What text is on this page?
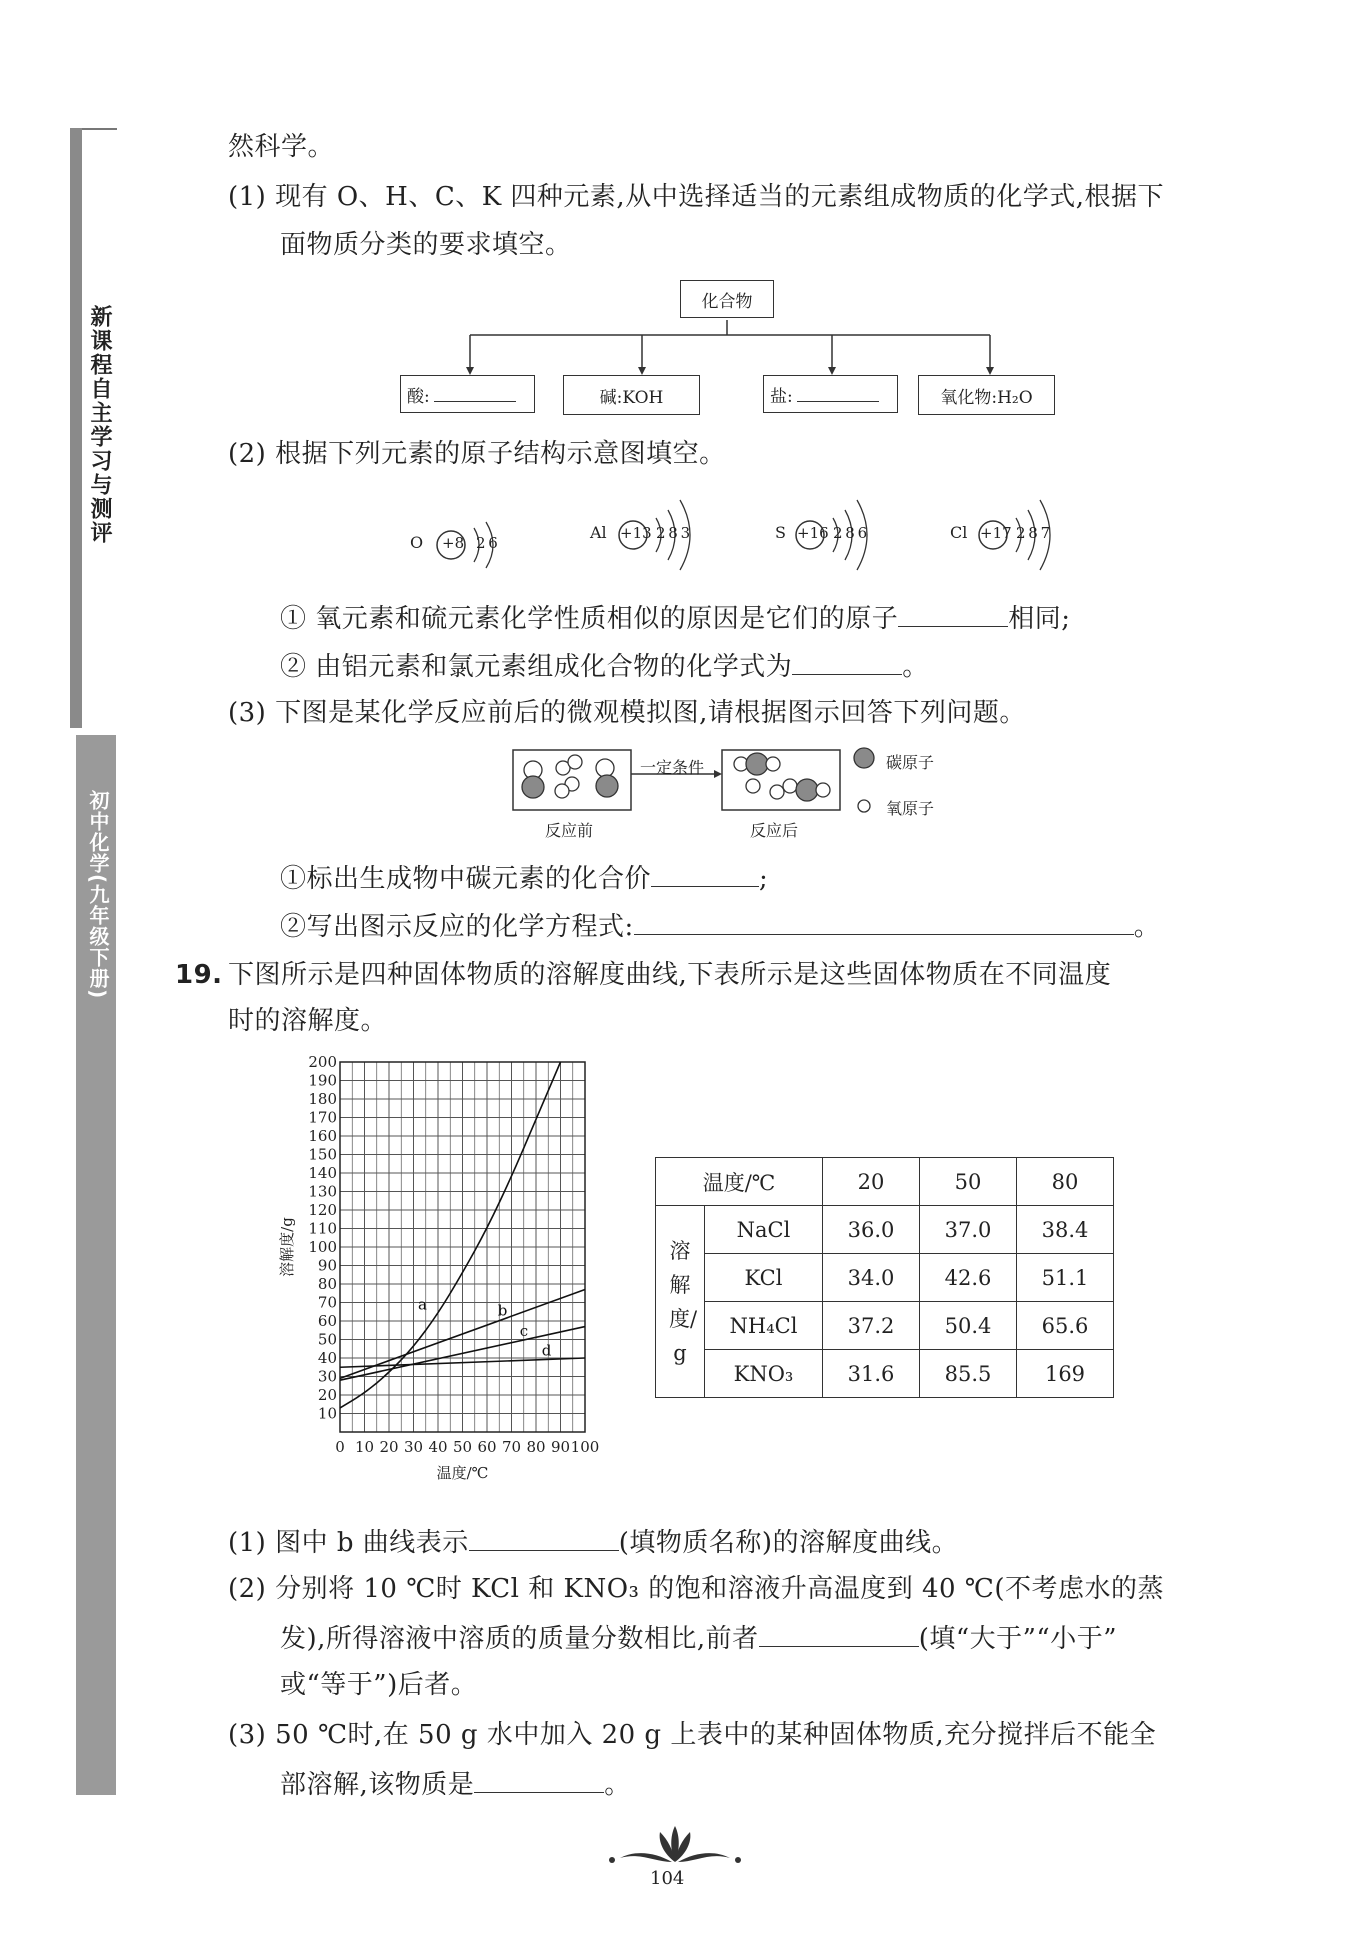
新课程自主学习与测评
初中化学(九年级下册)
然科学。
(1) 现有 O、H、C、K 四种元素,从中选择适当的元素组成物质的化学式,根据下
面物质分类的要求填空。
化合物
酸:	碱:KOH	盐:	氧化物:H₂O
(2) 根据下列元素的原子结构示意图填空。
O +8 2 6
Al +13 2 8 3	S +16 2 8 6	Cl +17 2 8 7
① 氧元素和硫元素化学性质相似的原因是它们的原子	相同;
② 由铝元素和氯元素组成化合物的化学式为	。
(3) 下图是某化学反应前后的微观模拟图,请根据图示回答下列问题。
一定条件
反应前	反应后
碳原子
氧原子
①标出生成物中碳元素的化合价	;
②写出图示反应的化学方程式:	。
19. 下图所示是四种固体物质的溶解度曲线,下表所示是这些固体物质在不同温度
时的溶解度。
10
20
30
40
50
60
70
80
90
100
110
120
130
140
150
160
170
180
190
200
0 10 20 30 40 50 60 70 80 90 100
温度/℃
溶解度/g
a	b
c
d
温度/℃		20	50	80

溶解度/g	NaCl	36.0	37.0	38.4
	KCl	34.0	42.6	51.1
	NH₄Cl	37.2	50.4	65.6
	KNO₃	31.6	85.5	169
(1) 图中 b 曲线表示	(填物质名称)的溶解度曲线。
(2) 分别将 10 ℃时 KCl 和 KNO₃ 的饱和溶液升高温度到 40 ℃(不考虑水的蒸
发),所得溶液中溶质的质量分数相比,前者	(填“大于”“小于”
或“等于”)后者。
(3) 50 ℃时,在 50 g 水中加入 20 g 上表中的某种固体物质,充分搅拌后不能全
部溶解,该物质是	。
104
